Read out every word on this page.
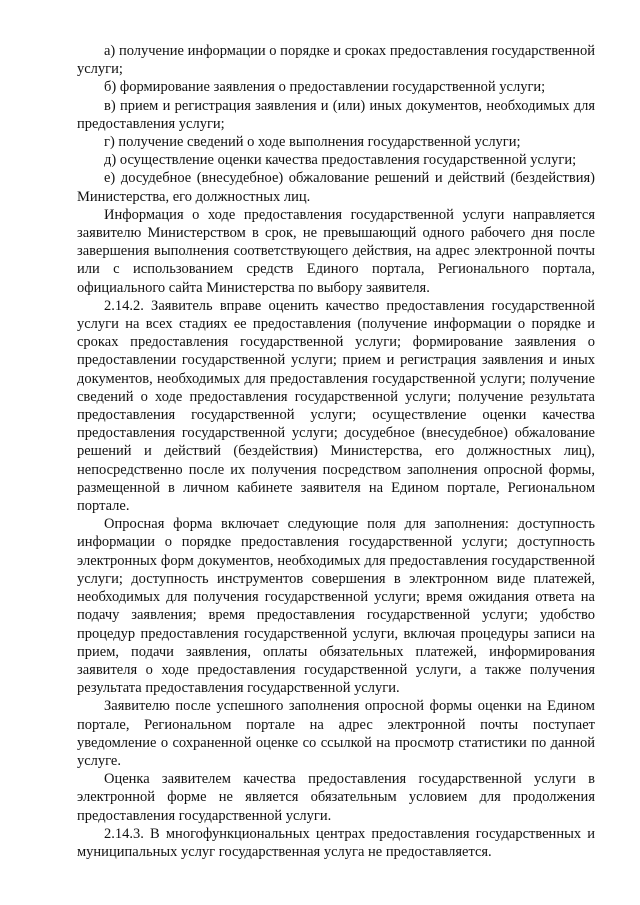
а) получение информации о порядке и сроках предоставления государственной услуги;

б) формирование заявления о предоставлении государственной услуги;

в) прием и регистрация заявления и (или) иных документов, необходимых для предоставления услуги;

г) получение сведений о ходе выполнения государственной услуги;

д) осуществление оценки качества предоставления государственной услуги;

е) досудебное (внесудебное) обжалование решений и действий (бездействия) Министерства, его должностных лиц.

Информация о ходе предоставления государственной услуги направляется заявителю Министерством в срок, не превышающий одного рабочего дня после завершения выполнения соответствующего действия, на адрес электронной почты или с использованием средств Единого портала, Регионального портала, официального сайта Министерства по выбору заявителя.

2.14.2. Заявитель вправе оценить качество предоставления государственной услуги на всех стадиях ее предоставления (получение информации о порядке и сроках предоставления государственной услуги; формирование заявления о предоставлении государственной услуги; прием и регистрация заявления и иных документов, необходимых для предоставления государственной услуги; получение сведений о ходе предоставления государственной услуги; получение результата предоставления государственной услуги; осуществление оценки качества предоставления государственной услуги; досудебное (внесудебное) обжалование решений и действий (бездействия) Министерства, его должностных лиц), непосредственно после их получения посредством заполнения опросной формы, размещенной в личном кабинете заявителя на Едином портале, Региональном портале.

Опросная форма включает следующие поля для заполнения: доступность информации о порядке предоставления государственной услуги; доступность электронных форм документов, необходимых для предоставления государственной услуги; доступность инструментов совершения в электронном виде платежей, необходимых для получения государственной услуги; время ожидания ответа на подачу заявления; время предоставления государственной услуги; удобство процедур предоставления государственной услуги, включая процедуры записи на прием, подачи заявления, оплаты обязательных платежей, информирования заявителя о ходе предоставления государственной услуги, а также получения результата предоставления государственной услуги.

Заявителю после успешного заполнения опросной формы оценки на Едином портале, Региональном портале на адрес электронной почты поступает уведомление о сохраненной оценке со ссылкой на просмотр статистики по данной услуге.

Оценка заявителем качества предоставления государственной услуги в электронной форме не является обязательным условием для продолжения предоставления государственной услуги.

2.14.3. В многофункциональных центрах предоставления государственных и муниципальных услуг государственная услуга не предоставляется.
